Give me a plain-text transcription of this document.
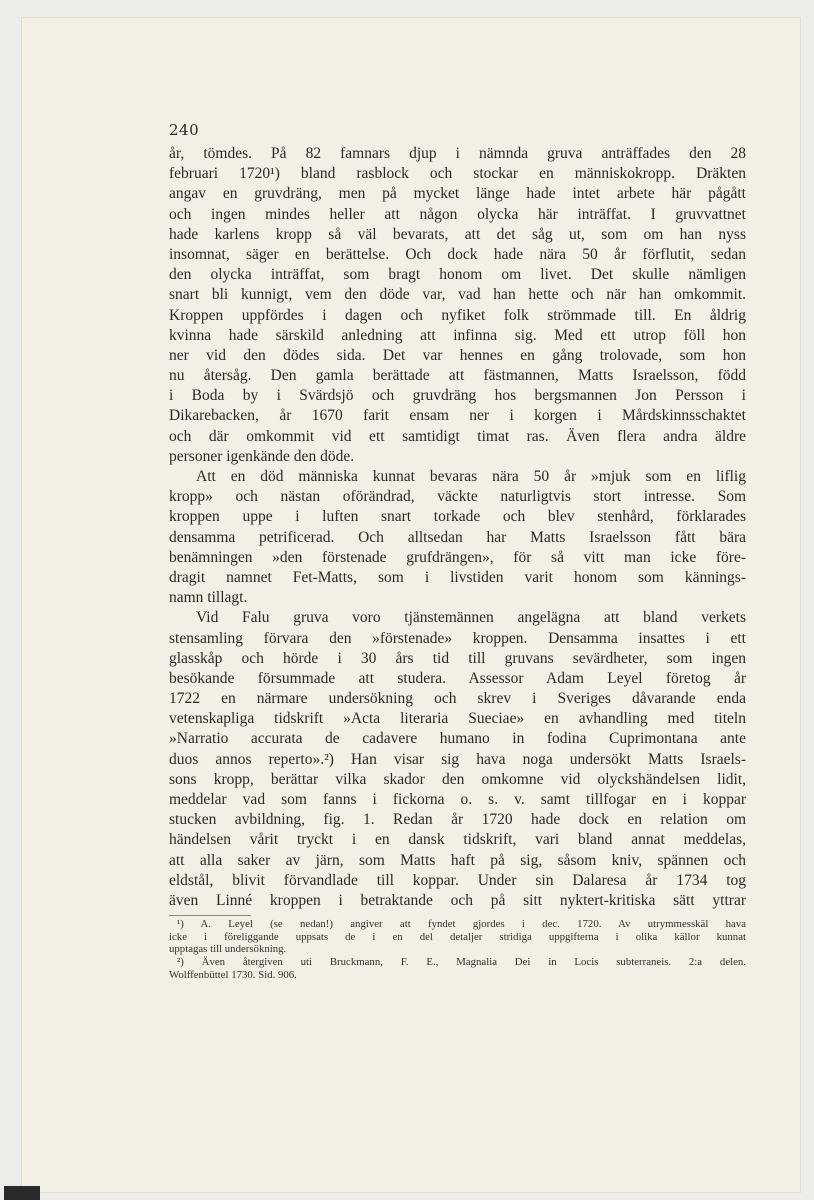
240
år, tömdes. På 82 famnars djup i nämnda gruva anträffades den 28
februari 1720¹) bland rasblock och stockar en människokropp. Dräkten
angav en gruvdräng, men på mycket länge hade intet arbete här pågått
och ingen mindes heller att någon olycka här inträffat. I gruvvattnet
hade karlens kropp så väl bevarats, att det såg ut, som om han nyss
insomnat, säger en berättelse. Och dock hade nära 50 år förflutit, sedan
den olycka inträffat, som bragt honom om livet. Det skulle nämligen
snart bli kunnigt, vem den döde var, vad han hette och när han omkommit.
Kroppen uppfördes i dagen och nyfiket folk strömmade till. En åldrig
kvinna hade särskild anledning att infinna sig. Med ett utrop föll hon
ner vid den dödes sida. Det var hennes en gång trolovade, som hon
nu återsåg. Den gamla berättade att fästmannen, Matts Israelsson, född
i Boda by i Svärdsjö och gruvdräng hos bergsmannen Jon Persson i
Dikarebacken, år 1670 farit ensam ner i korgen i Mårdskinnsschaktet
och där omkommit vid ett samtidigt timat ras. Även flera andra äldre
personer igenkände den döde.
Att en död människa kunnat bevaras nära 50 år »mjuk som en liflig
kropp» och nästan oförändrad, väckte naturligtvis stort intresse. Som
kroppen uppe i luften snart torkade och blev stenhård, förklarades
densamma petrificerad. Och alltsedan har Matts Israelsson fått bära
benämningen »den förstenade grufdrängen», för så vitt man icke före-
dragit namnet Fet-Matts, som i livstiden varit honom som kännings-
namn tillagt.
Vid Falu gruva voro tjänstemännen angelägna att bland verkets
stensamling förvara den »förstenade» kroppen. Densamma insattes i ett
glasskåp och hörde i 30 års tid till gruvans sevärdheter, som ingen
besökande försummade att studera. Assessor Adam Leyel företog år
1722 en närmare undersökning och skrev i Sveriges dåvarande enda
vetenskapliga tidskrift »Acta literaria Sueciae» en avhandling med titeln
»Narratio accurata de cadavere humano in fodina Cuprimontana ante
duos annos reperto».²) Han visar sig hava noga undersökt Matts Israels-
sons kropp, berättar vilka skador den omkomne vid olyckshändelsen lidit,
meddelar vad som fanns i fickorna o. s. v. samt tillfogar en i koppar
stucken avbildning, fig. 1. Redan år 1720 hade dock en relation om
händelsen vårit tryckt i en dansk tidskrift, vari bland annat meddelas,
att alla saker av järn, som Matts haft på sig, såsom kniv, spännen och
eldstål, blivit förvandlade till koppar. Under sin Dalaresa år 1734 tog
även Linné kroppen i betraktande och på sitt nyktert-kritiska sätt yttrar
¹) A. Leyel (se nedan!) angiver att fyndet gjordes i dec. 1720. Av utrymmesskäl hava
icke i föreliggande uppsats de i en del detaljer stridiga uppgifterna i olika källor kunnat
upptagas till undersökning.
²) Även återgiven uti Bruckmann, F. E., Magnalia Dei in Locis subterraneis. 2:a delen.
Wolffenbüttel 1730. Sid. 906.
